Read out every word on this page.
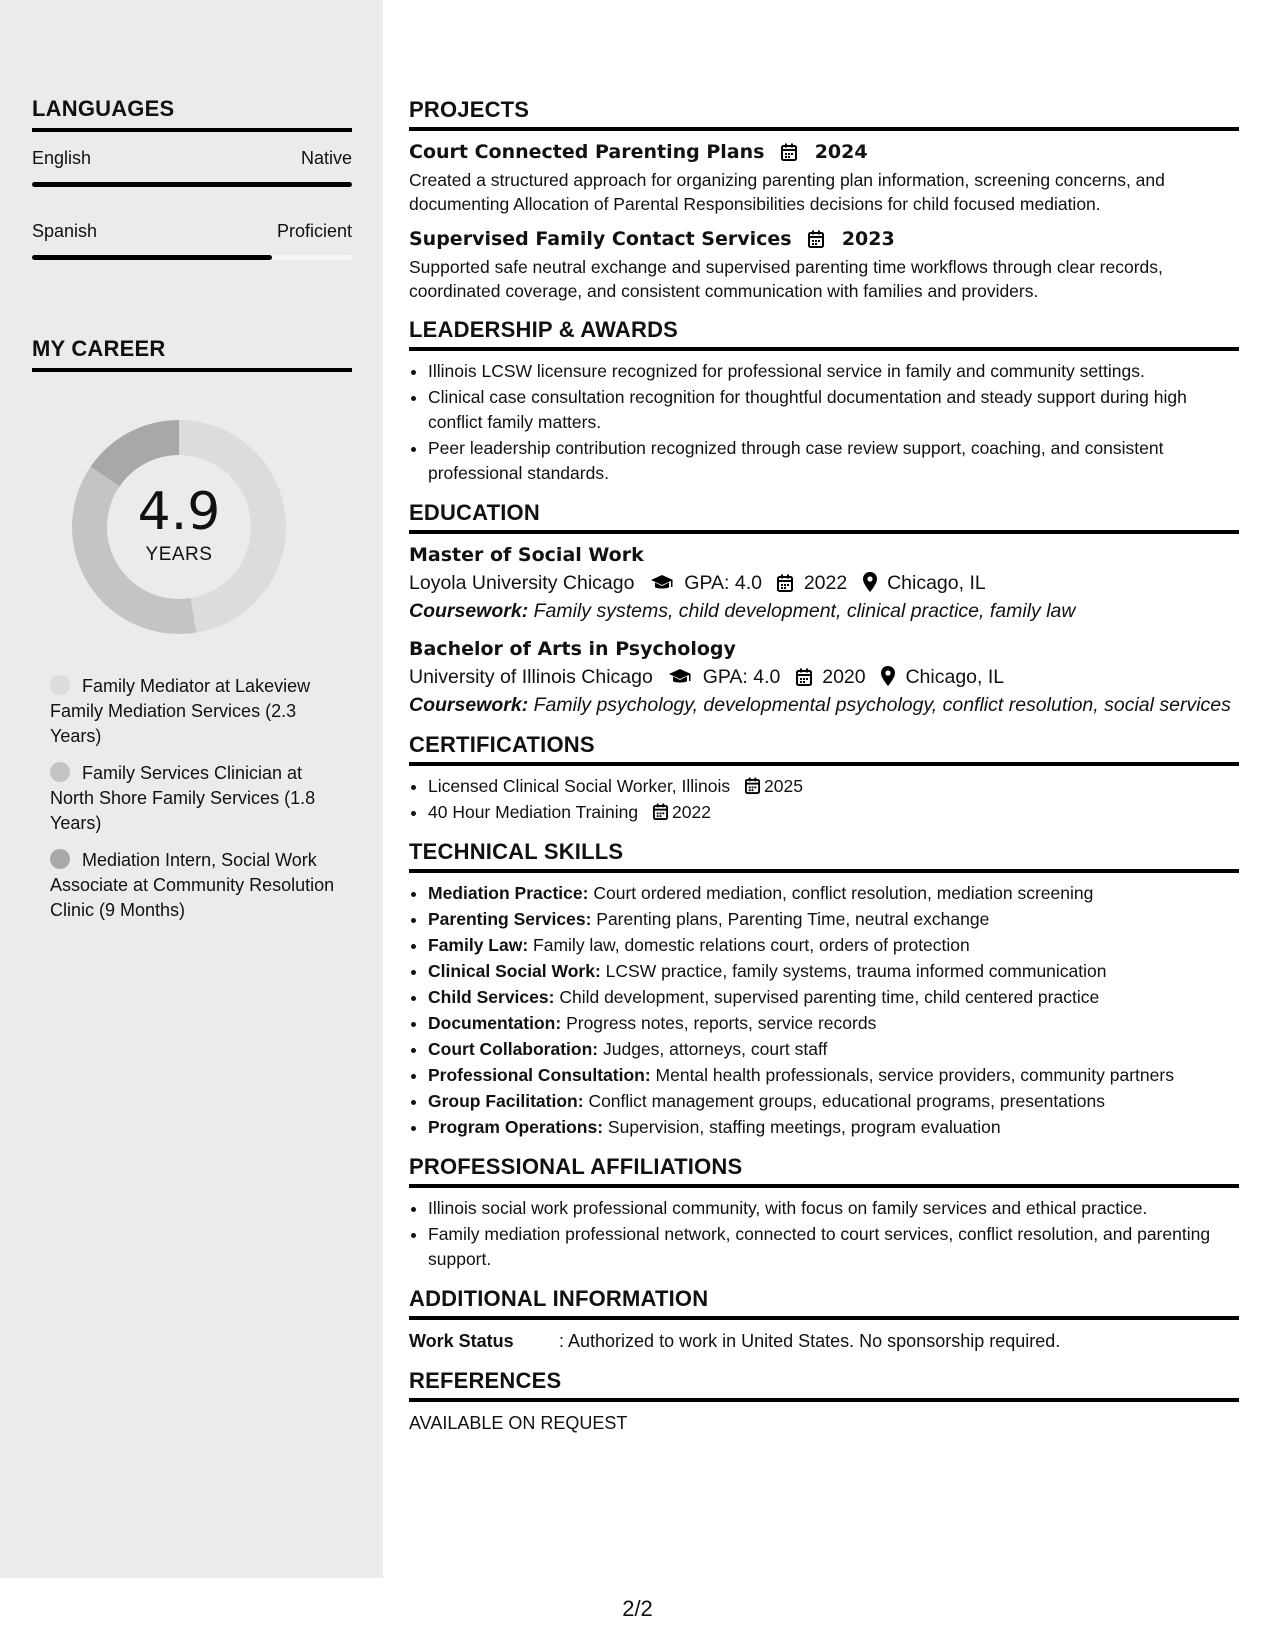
LANGUAGES
English	Native
Spanish	Proficient
MY CAREER
4.9
YEARS
Family Mediator at Lakeview Family Mediation Services (2.3 Years)
Family Services Clinician at North Shore Family Services (1.8 Years)
Mediation Intern, Social Work Associate at Community Resolution Clinic (9 Months)
PROJECTS
Court Connected Parenting Plans	2024
Created a structured approach for organizing parenting plan information, screening concerns, and documenting Allocation of Parental Responsibilities decisions for child focused mediation.
Supervised Family Contact Services	2023
Supported safe neutral exchange and supervised parenting time workflows through clear records, coordinated coverage, and consistent communication with families and providers.
LEADERSHIP & AWARDS
• Illinois LCSW licensure recognized for professional service in family and community settings.
• Clinical case consultation recognition for thoughtful documentation and steady support during high conflict family matters.
• Peer leadership contribution recognized through case review support, coaching, and consistent professional standards.
EDUCATION
Master of Social Work
Loyola University Chicago	GPA: 4.0 2022 Chicago, IL
Coursework: Family systems, child development, clinical practice, family law
Bachelor of Arts in Psychology
University of Illinois Chicago	GPA: 4.0 2020 Chicago, IL
Coursework: Family psychology, developmental psychology, conflict resolution, social services
CERTIFICATIONS
• Licensed Clinical Social Worker, Illinois 2025
• 40 Hour Mediation Training 2022
TECHNICAL SKILLS
• Mediation Practice: Court ordered mediation, conflict resolution, mediation screening
• Parenting Services: Parenting plans, Parenting Time, neutral exchange
• Family Law: Family law, domestic relations court, orders of protection
• Clinical Social Work: LCSW practice, family systems, trauma informed communication
• Child Services: Child development, supervised parenting time, child centered practice
• Documentation: Progress notes, reports, service records
• Court Collaboration: Judges, attorneys, court staff
• Professional Consultation: Mental health professionals, service providers, community partners
• Group Facilitation: Conflict management groups, educational programs, presentations
• Program Operations: Supervision, staffing meetings, program evaluation
PROFESSIONAL AFFILIATIONS
• Illinois social work professional community, with focus on family services and ethical practice.
• Family mediation professional network, connected to court services, conflict resolution, and parenting support.
ADDITIONAL INFORMATION
Work Status	: Authorized to work in United States. No sponsorship required.
REFERENCES
AVAILABLE ON REQUEST
2/2
